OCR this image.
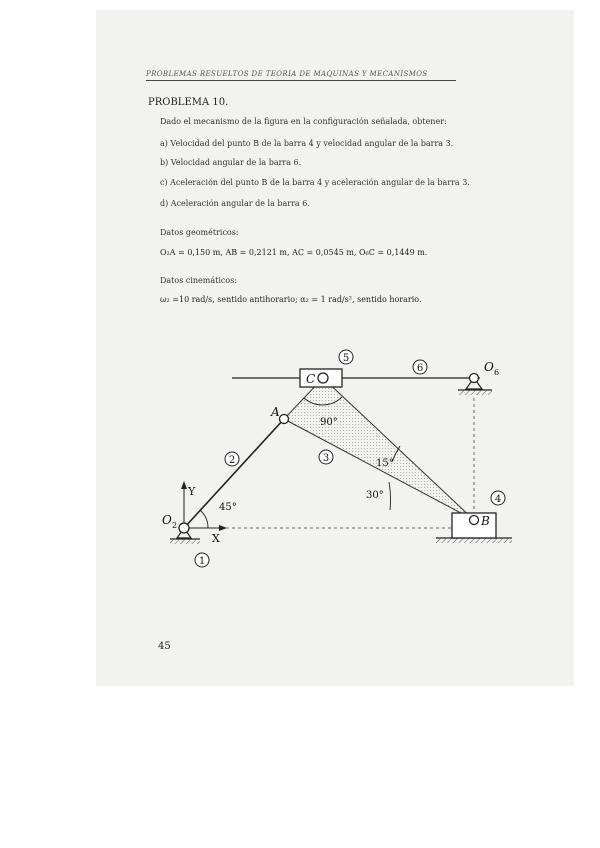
PROBLEMAS RESUELTOS DE TEORÍA DE MÁQUINAS Y MECANISMOS
PROBLEMA 10.
Dado el mecanismo de la figura en la configuración señalada, obtener:
a) Velocidad del punto B de la barra 4 y velocidad angular de la barra 3.
b) Velocidad angular de la barra 6.
c) Aceleración del punto B de la barra 4 y aceleración angular de la barra 3.
d) Aceleración angular de la barra 6.
Datos geométricos:
O₂A = 0,150 m, AB = 0,2121 m, AC = 0,0545 m, O₆C = 0,1449 m.
Datos cinemáticos:
ω₂ =10 rad/s, sentido antihorario; α₂ = 1 rad/s², sentido horario.
1
2	3
4
5
6
O 2
A
C
B
O 6
Y
X
45°
90°
15°
30°
45
